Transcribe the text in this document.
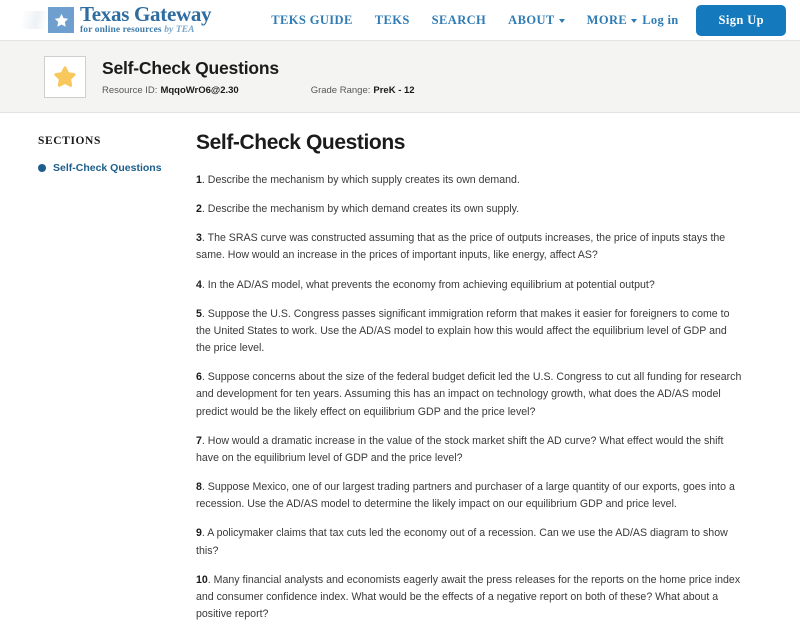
Texas Gateway
for online resources by TEA
TEKS GUIDE TEKS SEARCH ABOUT	MORE Log in	Sign Up
Self-Check Questions
Resource ID: MqqoWrO6@2.30	Grade Range: PreK - 12
SECTIONS
Self-Check Questions
Self-Check Questions

1. Describe the mechanism by which supply creates its own demand.

2. Describe the mechanism by which demand creates its own supply.

3. The SRAS curve was constructed assuming that as the price of outputs increases, the price of inputs stays the same. How would an increase in the prices of important inputs, like energy, affect AS?

4. In the AD/AS model, what prevents the economy from achieving equilibrium at potential output?

5. Suppose the U.S. Congress passes significant immigration reform that makes it easier for foreigners to come to the United States to work. Use the AD/AS model to explain how this would affect the equilibrium level of GDP and the price level.

6. Suppose concerns about the size of the federal budget deficit led the U.S. Congress to cut all funding for research and development for ten years. Assuming this has an impact on technology growth, what does the AD/AS model predict would be the likely effect on equilibrium GDP and the price level?

7. How would a dramatic increase in the value of the stock market shift the AD curve? What effect would the shift have on the equilibrium level of GDP and the price level?

8. Suppose Mexico, one of our largest trading partners and purchaser of a large quantity of our exports, goes into a recession. Use the AD/AS model to determine the likely impact on our equilibrium GDP and price level.

9. A policymaker claims that tax cuts led the economy out of a recession. Can we use the AD/AS diagram to show this?

10. Many financial analysts and economists eagerly await the press releases for the reports on the home price index and consumer confidence index. What would be the effects of a negative report on both of these? What about a positive report?
